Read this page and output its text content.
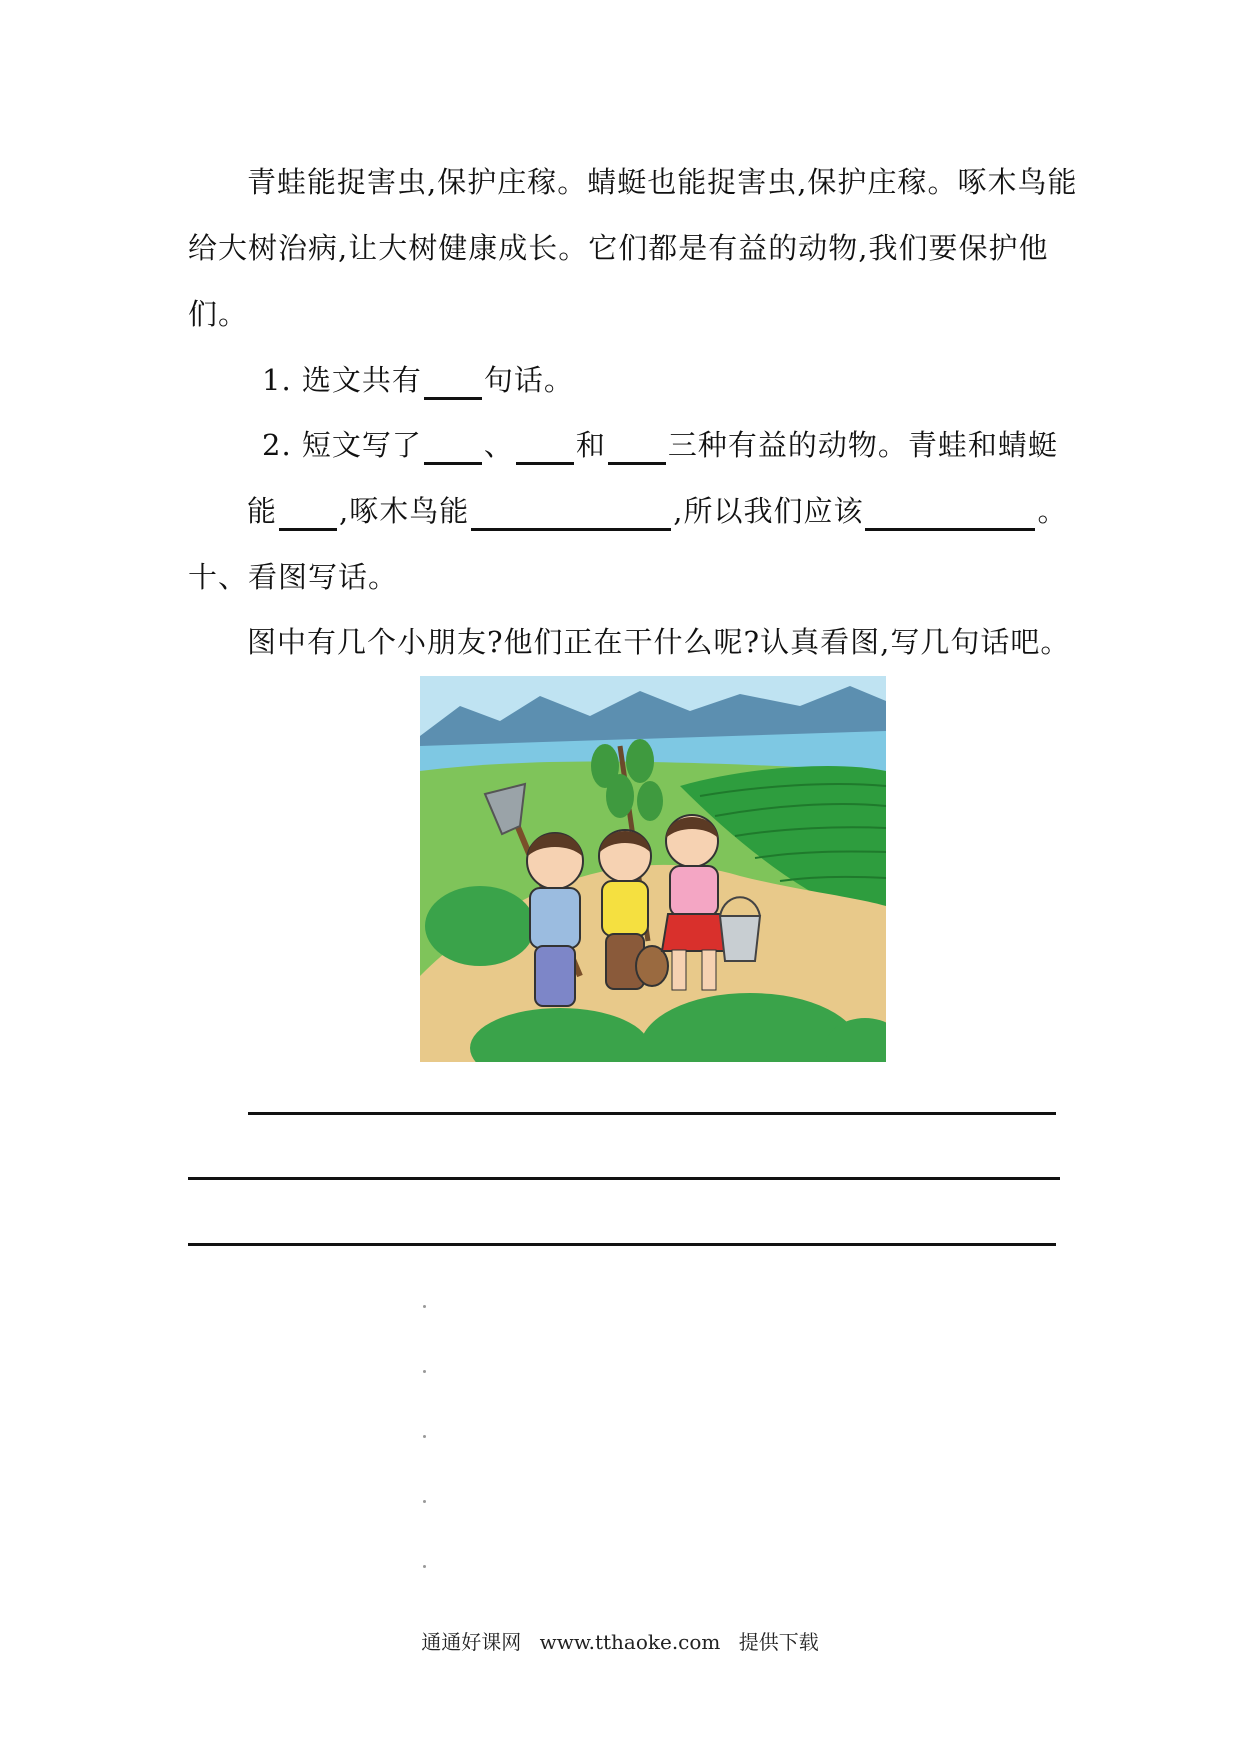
青蛙能捉害虫,保护庄稼。蜻蜓也能捉害虫,保护庄稼。啄木鸟能
给大树治病,让大树健康成长。它们都是有益的动物,我们要保护他
们。
1. 选文共有 句话。
2. 短文写了 、 和 三种有益的动物。青蛙和蜻蜓
能 ,啄木鸟能	,所以我们应该	。
十、看图写话。
图中有几个小朋友?他们正在干什么呢?认真看图,写几句话吧。
通通好课网 www.tthaoke.com 提供下载
